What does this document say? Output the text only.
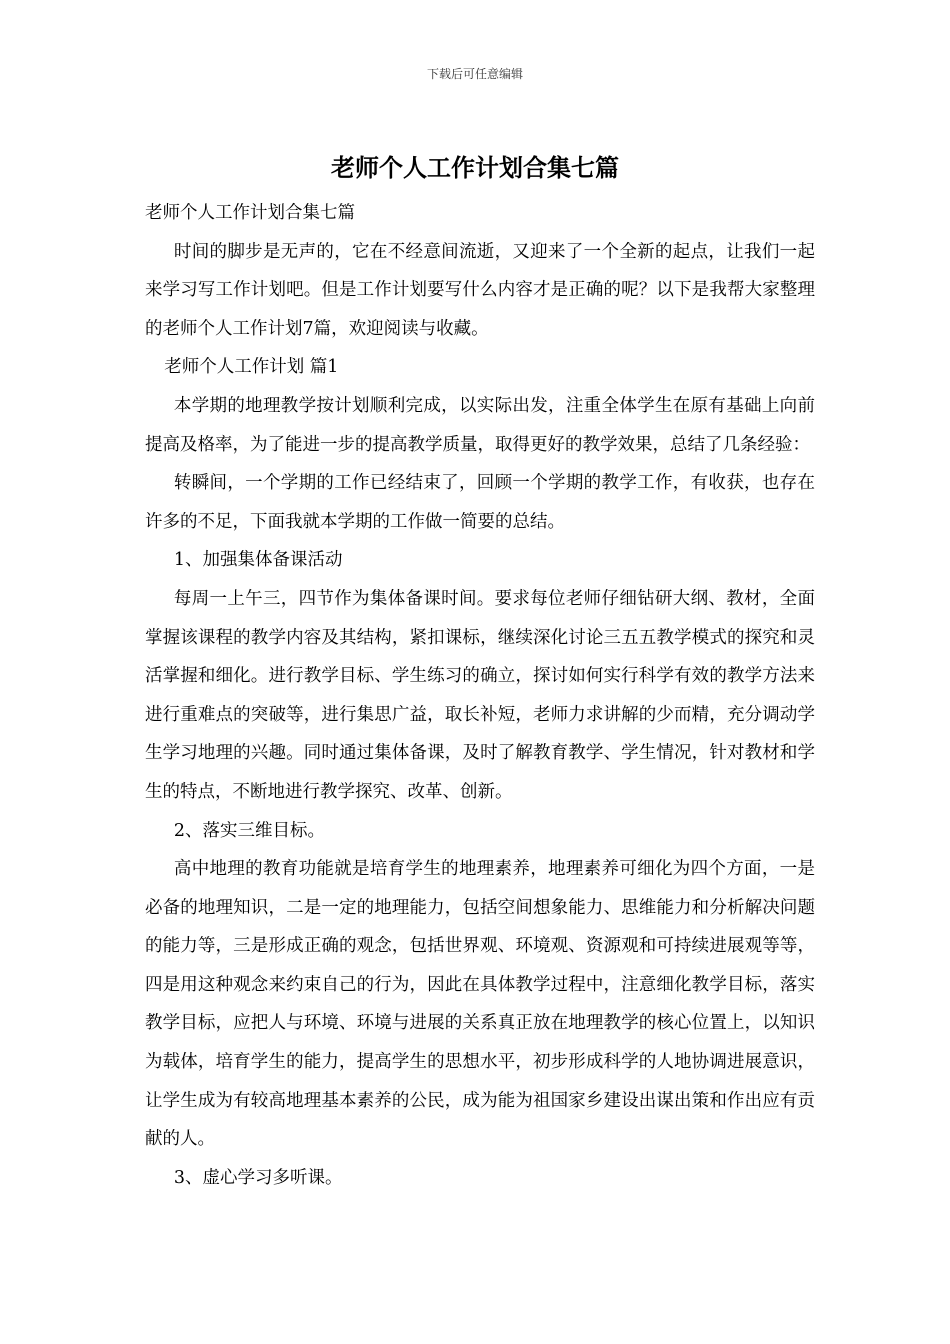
下载后可任意编辑
老师个人工作计划合集七篇

老师个人工作计划合集七篇

时间的脚步是无声的，它在不经意间流逝，又迎来了一个全新的起点，让我们一起来学习写工作计划吧。但是工作计划要写什么内容才是正确的呢？以下是我帮大家整理的老师个人工作计划7篇，欢迎阅读与收藏。

老师个人工作计划 篇1

本学期的地理教学按计划顺利完成，以实际出发，注重全体学生在原有基础上向前提高及格率，为了能进一步的提高教学质量，取得更好的教学效果，总结了几条经验：

转瞬间，一个学期的工作已经结束了，回顾一个学期的教学工作，有收获，也存在许多的不足，下面我就本学期的工作做一简要的总结。

1、加强集体备课活动

每周一上午三，四节作为集体备课时间。要求每位老师仔细钻研大纲、教材，全面掌握该课程的教学内容及其结构，紧扣课标，继续深化讨论三五五教学模式的探究和灵活掌握和细化。进行教学目标、学生练习的确立，探讨如何实行科学有效的教学方法来进行重难点的突破等，进行集思广益，取长补短，老师力求讲解的少而精，充分调动学生学习地理的兴趣。同时通过集体备课，及时了解教育教学、学生情况，针对教材和学生的特点，不断地进行教学探究、改革、创新。

2、落实三维目标。

高中地理的教育功能就是培育学生的地理素养，地理素养可细化为四个方面，一是必备的地理知识，二是一定的地理能力，包括空间想象能力、思维能力和分析解决问题的能力等，三是形成正确的观念，包括世界观、环境观、资源观和可持续进展观等等，四是用这种观念来约束自己的行为，因此在具体教学过程中，注意细化教学目标，落实教学目标，应把人与环境、环境与进展的关系真正放在地理教学的核心位置上，以知识为载体，培育学生的能力，提高学生的思想水平，初步形成科学的人地协调进展意识，让学生成为有较高地理基本素养的公民，成为能为祖国家乡建设出谋出策和作出应有贡献的人。

3、虚心学习多听课。
